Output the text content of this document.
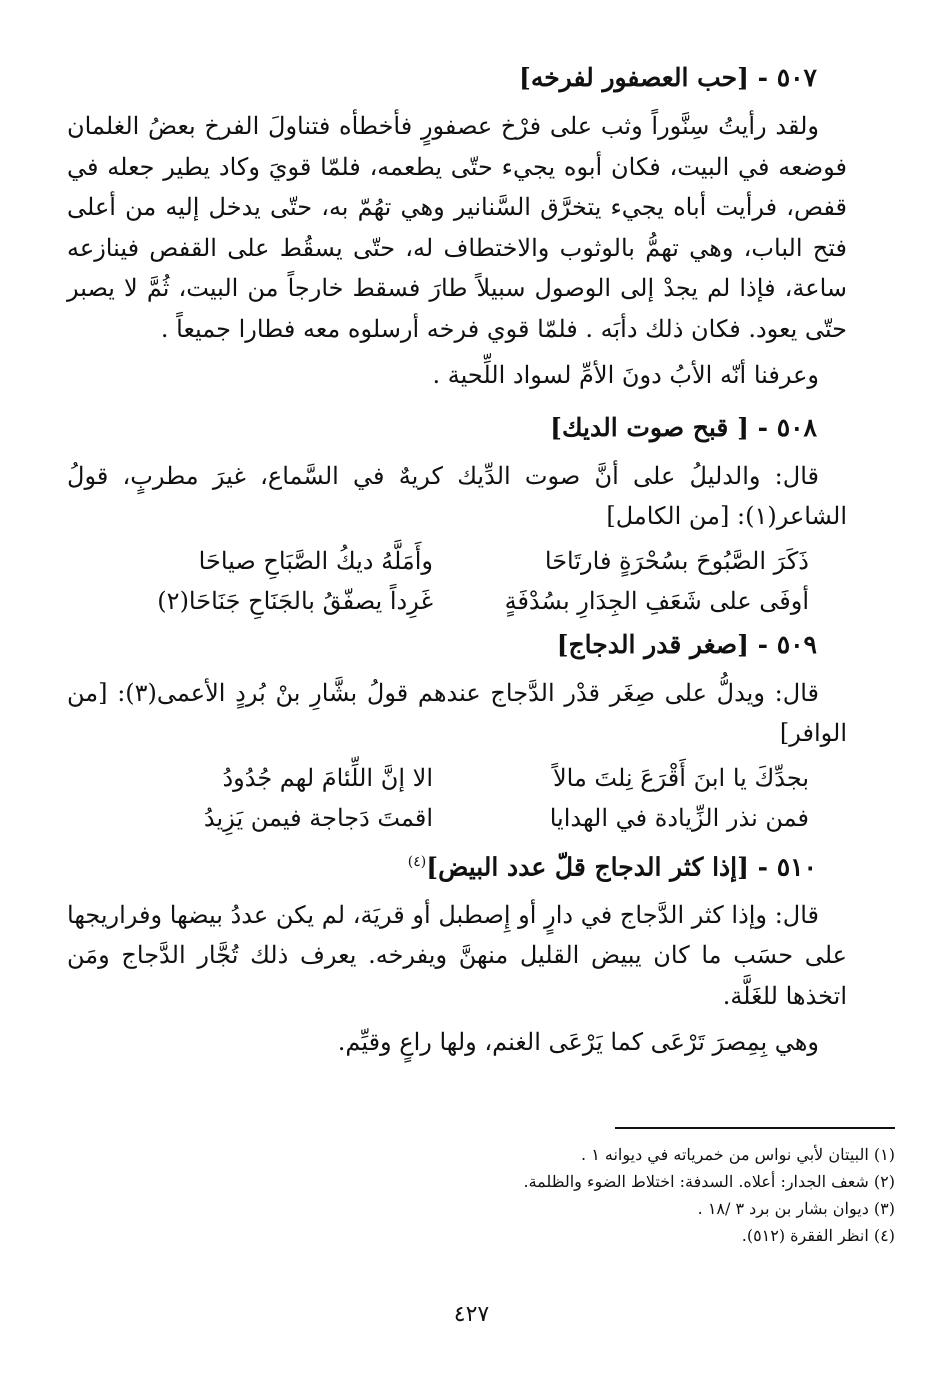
٥٠٧ - [حب العصفور لفرخه]

ولقد رأيتُ سِنَّوراً وثب على فرْخ عصفورٍ فأخطأه فتناولَ الفرخ بعضُ الغلمان فوضعه في البيت، فكان أبوه يجيء حتّى يطعمه، فلمّا قويَ وكاد يطير جعله في قفص، فرأيت أباه يجيء يتخرَّق السَّنانير وهي تهُمّ به، حتّى يدخل إليه من أعلى فتح الباب، وهي تهمُّ بالوثوب والاختطاف له، حتّى يسقُط على القفص فينازعه ساعة، فإذا لم يجدْ إلى الوصول سبيلاً طارَ فسقط خارجاً من البيت، ثُمَّ لا يصبر حتّى يعود. فكان ذلك دأبَه . فلمّا قوي فرخه أرسلوه معه فطارا جميعاً .

وعرفنا أنّه الأبُ دونَ الأمِّ لسواد اللِّحية .

٥٠٨ - [ قبح صوت الديك]

قال: والدليلُ على أنَّ صوت الدِّيك كريهٌ في السَّماع، غيرَ مطربٍ، قولُ الشاعر(١): [من الكامل]

ذَكَرَ الصَّبُوحَ بسُحْرَةٍ فارتَاحَا
وأَمَلَّهُ ديكُ الصَّبَاحِ صياحَا
أوفَى على شَعَفِ الجِدَارِ بسُدْفَةٍ
غَرِداً يصفّقُ بالجَنَاحِ جَنَاحَا(٢)
٥٠٩ - [صغر قدر الدجاج]

قال: ويدلُّ على صِغَر قدْر الدَّجاج عندهم قولُ بشَّارِ بنْ بُردٍ الأعمى(٣): [من الوافر]

بجدِّكَ يا ابنَ أَقْرَعَ نِلتَ مالاً
الا إنَّ اللِّئامَ لهم جُدُودُ
فمن نذر الزِّيادة في الهدايا
اقمتَ دَجاجة فيمن يَزِيدُ
٥١٠ - [إذا كثر الدجاج قلّ عدد البيض]$^{(٤)}$

قال: وإذا كثر الدَّجاج في دارٍ أو إِصطبل أو قريَة، لم يكن عددُ بيضها وفراريجها على حسَب ما كان يبيض القليل منهنَّ ويفرخه. يعرف ذلك تُجَّار الدَّجاج ومَن اتخذها للغَلَّة.

وهي بِمِصرَ تَرْعَى كما يَرْعَى الغنم، ولها راعٍ وقيِّم.

(١) البيتان لأبي نواس من خمرياته في ديوانه ١ .

(٢) شعف الجدار: أعلاه. السدفة: اختلاط الضوء والظلمة.

(٣) ديوان بشار بن برد ٣ /١٨ .

(٤) انظر الفقرة (٥١٢).

٤٢٧
